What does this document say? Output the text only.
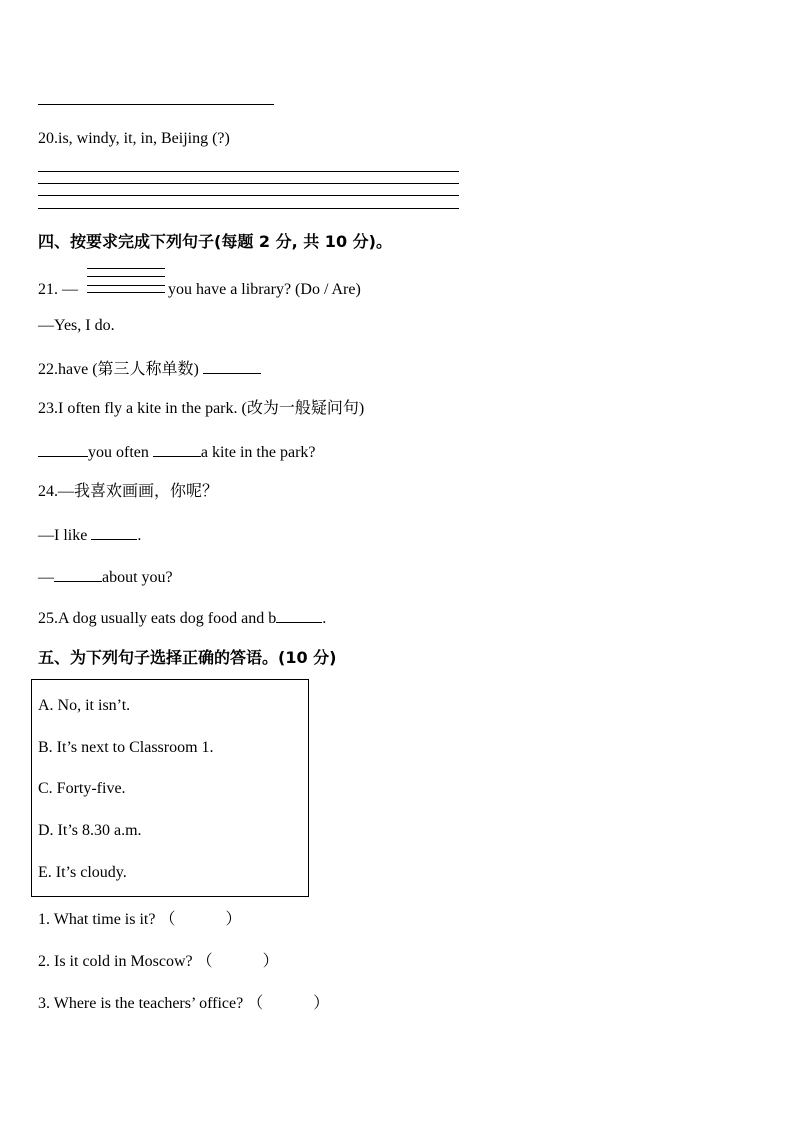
20.is, windy, it, in, Beijing (?)
四、按要求完成下列句子(每题 2 分, 共 10 分)。
21. —	you have a library? (Do / Are)
—Yes, I do.
22.have (第三人称单数)
23.I often fly a kite in the park. (改为一般疑问句)
you often	a kite in the park?
24.—我喜欢画画，你呢？
—I like	.
—	about you?
25.A dog usually eats dog food and b	.
五、为下列句子选择正确的答语。(10 分)
A. No, it isn’t.
B. It’s next to Classroom 1.
C. Forty-five.
D. It’s 8.30 a.m.
E. It’s cloudy.
1. What time is it? （	）
2. Is it cold in Moscow? （	）
3. Where is the teachers’ office? （	）
